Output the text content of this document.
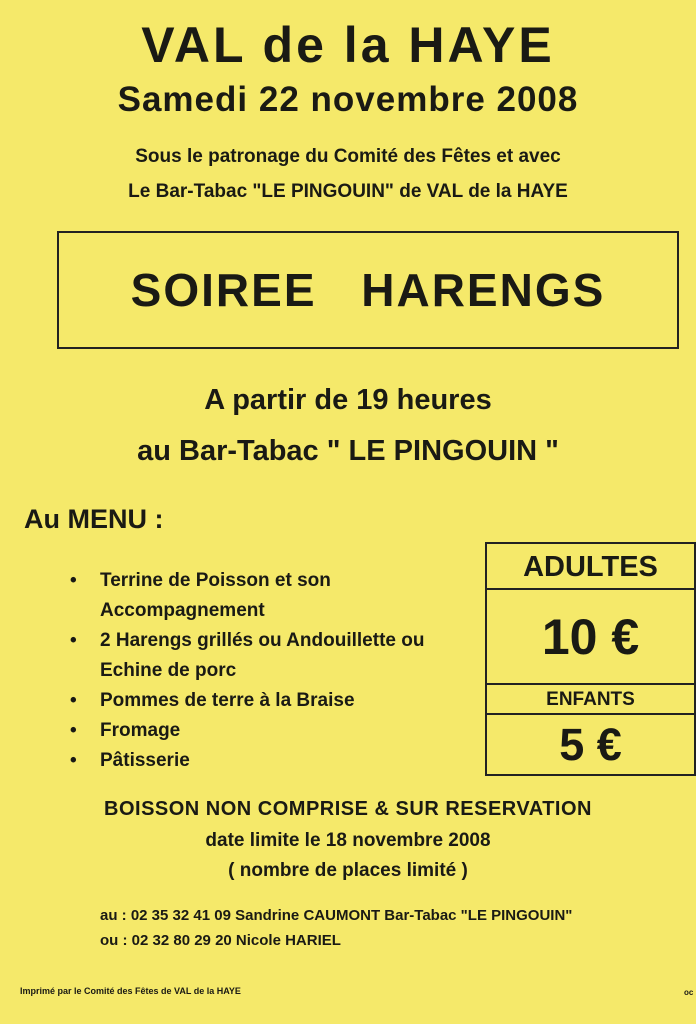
VAL de la HAYE
Samedi 22 novembre 2008
Sous le patronage du Comité des Fêtes et avec
Le Bar-Tabac "LE PINGOUIN" de VAL de la HAYE
SOIREE HARENGS
A partir de 19 heures
au Bar-Tabac " LE PINGOUIN "
Au MENU :
• Terrine de Poisson et son Accompagnement
• 2 Harengs grillés ou Andouillette ou Echine de porc
• Pommes de terre à la Braise
• Fromage
• Pâtisserie
ADULTES
10 €
ENFANTS
5 €
BOISSON NON COMPRISE & SUR RESERVATION
date limite le 18 novembre 2008
( nombre de places limité )
au : 02 35 32 41 09 Sandrine CAUMONT Bar-Tabac "LE PINGOUIN"
ou : 02 32 80 29 20 Nicole HARIEL
Imprimé par le Comité des Fêtes de VAL de la HAYE	oc
